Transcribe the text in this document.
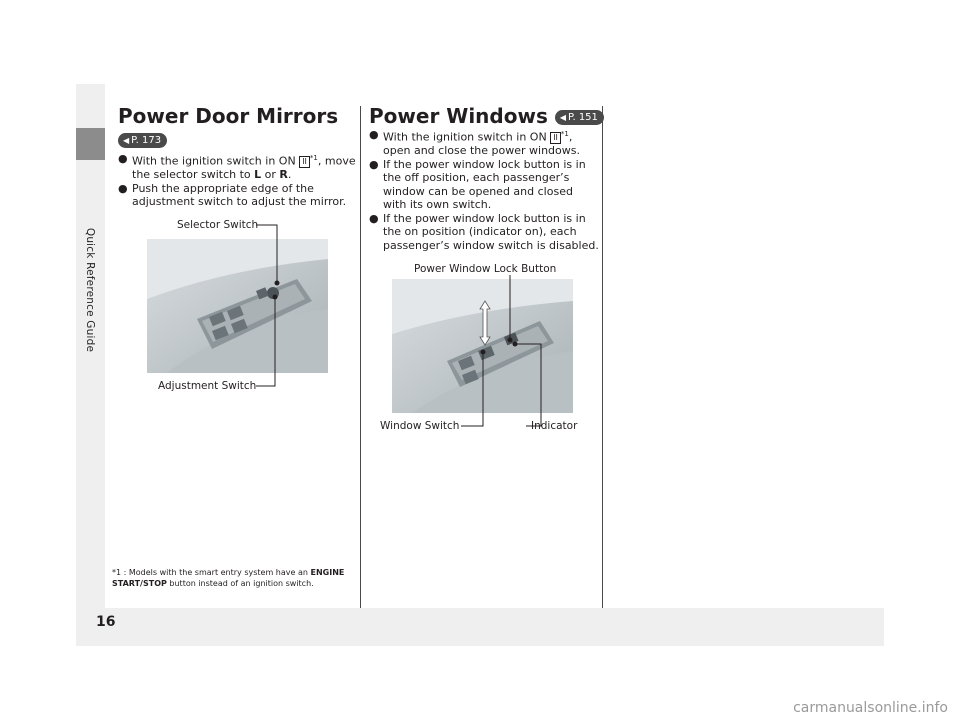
Quick Reference Guide
16
Power Door Mirrors
◀ P. 173
● With the ignition switch in ON II $^{*1}$, move the selector switch to L or R.
● Push the appropriate edge of the adjustment switch to adjust the mirror.
Selector Switch
Adjustment Switch
Power Windows ◀ P. 151
● With the ignition switch in ON II $^{*1}$, open and close the power windows.
● If the power window lock button is in the off position, each passenger’s window can be opened and closed with its own switch.
● If the power window lock button is in the on position (indicator on), each passenger’s window switch is disabled.
Power Window Lock Button
Window Switch	Indicator
*1 : Models with the smart entry system have an ENGINE START/STOP button instead of an ignition switch.
carmanualsonline.info
